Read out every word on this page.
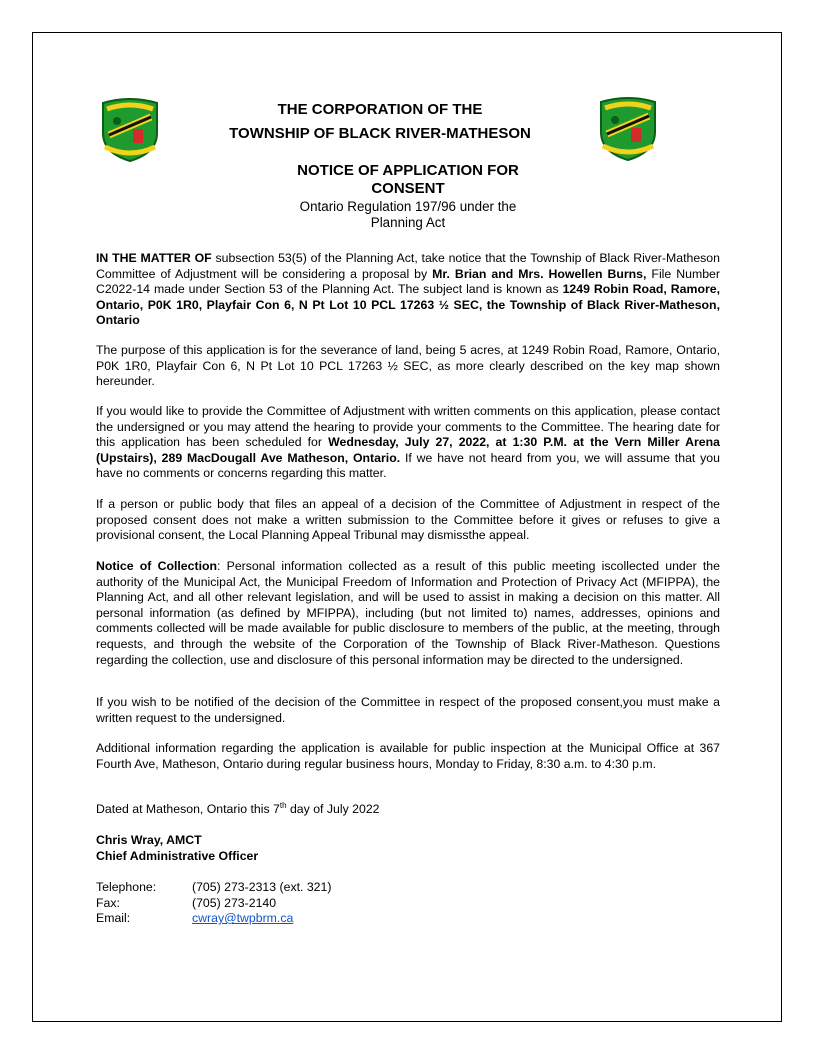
THE CORPORATION OF THE
TOWNSHIP OF BLACK RIVER-MATHESON
NOTICE OF APPLICATION FOR
CONSENT
Ontario Regulation 197/96 under the
Planning Act

IN THE MATTER OF subsection 53(5) of the Planning Act, take notice that the Township of Black River-Matheson Committee of Adjustment will be considering a proposal by Mr. Brian and Mrs. Howellen Burns, File Number C2022-14 made under Section 53 of the Planning Act. The subject land is known as 1249 Robin Road, Ramore, Ontario, P0K 1R0, Playfair Con 6, N Pt Lot 10 PCL 17263 ½ SEC, the Township of Black River-Matheson, Ontario

The purpose of this application is for the severance of land, being 5 acres, at 1249 Robin Road, Ramore, Ontario, P0K 1R0, Playfair Con 6, N Pt Lot 10 PCL 17263 ½ SEC, as more clearly described on the key map shown hereunder.

If you would like to provide the Committee of Adjustment with written comments on this application, please contact the undersigned or you may attend the hearing to provide your comments to the Committee. The hearing date for this application has been scheduled for Wednesday, July 27, 2022, at 1:30 P.M. at the Vern Miller Arena (Upstairs), 289 MacDougall Ave Matheson, Ontario. If we have not heard from you, we will assume that you have no comments or concerns regarding this matter.

If a person or public body that files an appeal of a decision of the Committee of Adjustment in respect of the proposed consent does not make a written submission to the Committee before it gives or refuses to give a provisional consent, the Local Planning Appeal Tribunal may dismissthe appeal.

Notice of Collection: Personal information collected as a result of this public meeting iscollected under the authority of the Municipal Act, the Municipal Freedom of Information and Protection of Privacy Act (MFIPPA), the Planning Act, and all other relevant legislation, and will be used to assist in making a decision on this matter. All personal information (as defined by MFIPPA), including (but not limited to) names, addresses, opinions and comments collected will be made available for public disclosure to members of the public, at the meeting, through requests, and through the website of the Corporation of the Township of Black River-Matheson. Questions regarding the collection, use and disclosure of this personal information may be directed to the undersigned.

If you wish to be notified of the decision of the Committee in respect of the proposed consent,you must make a written request to the undersigned.

Additional information regarding the application is available for public inspection at the Municipal Office at 367 Fourth Ave, Matheson, Ontario during regular business hours, Monday to Friday, 8:30 a.m. to 4:30 p.m.

Dated at Matheson, Ontario this 7th day of July 2022

Chris Wray, AMCT
Chief Administrative Officer
Telephone:	(705) 273-2313 (ext. 321)
Fax:	(705) 273-2140
Email:	cwray@twpbrm.ca
